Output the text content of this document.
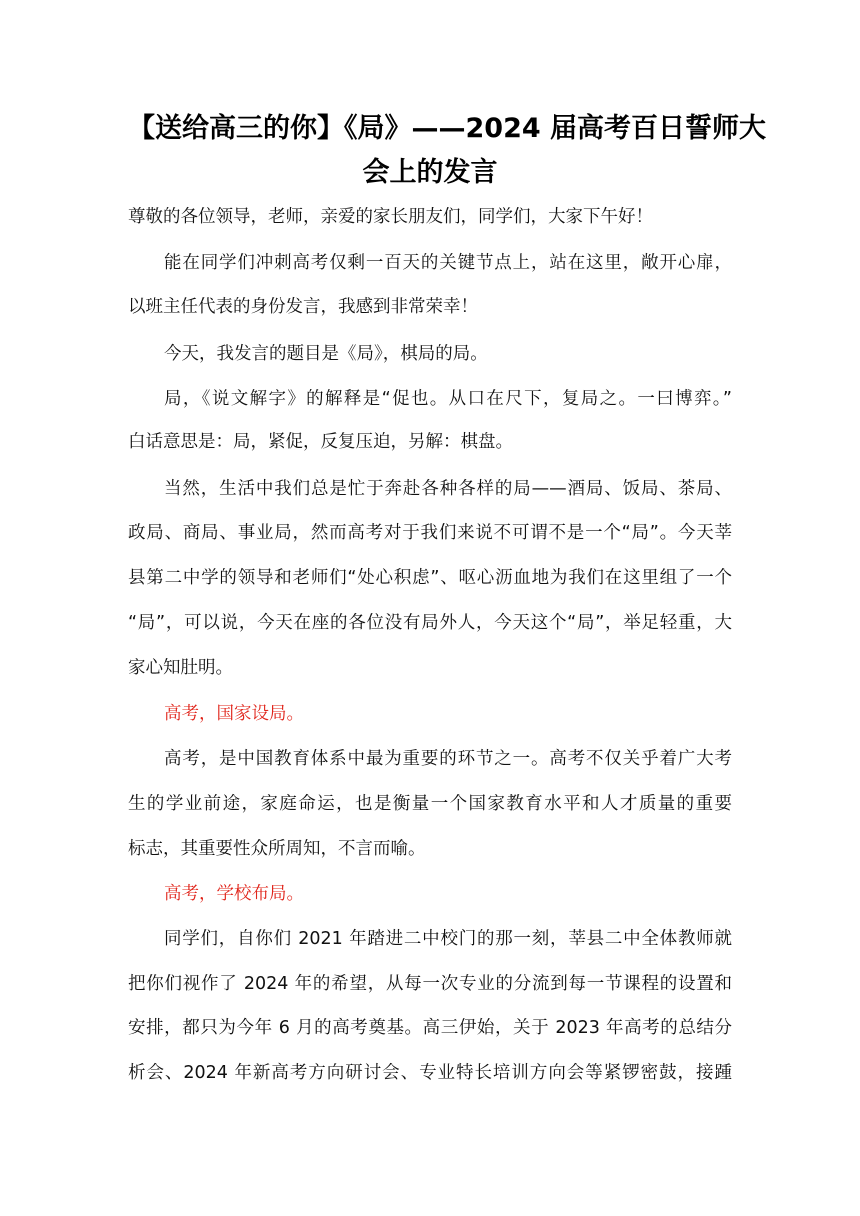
【送给高三的你】《局》——2024 届高考百日誓师大
会上的发言
尊敬的各位领导，老师，亲爱的家长朋友们，同学们，大家下午好！
能在同学们冲刺高考仅剩一百天的关键节点上，站在这里，敞开心扉，
以班主任代表的身份发言，我感到非常荣幸！
今天，我发言的题目是《局》，棋局的局。
局，《说文解字》的解释是“促也。从口在尺下，复局之。一曰博弈。”
白话意思是：局，紧促，反复压迫，另解：棋盘。
当然，生活中我们总是忙于奔赴各种各样的局——酒局、饭局、茶局、
政局、商局、事业局，然而高考对于我们来说不可谓不是一个“局”。今天莘
县第二中学的领导和老师们“处心积虑”、呕心沥血地为我们在这里组了一个
“局”，可以说，今天在座的各位没有局外人，今天这个“局”，举足轻重，大
家心知肚明。
高考，国家设局。
高考，是中国教育体系中最为重要的环节之一。高考不仅关乎着广大考
生的学业前途，家庭命运，也是衡量一个国家教育水平和人才质量的重要
标志，其重要性众所周知，不言而喻。
高考，学校布局。
同学们，自你们 2021 年踏进二中校门的那一刻，莘县二中全体教师就
把你们视作了 2024 年的希望，从每一次专业的分流到每一节课程的设置和
安排，都只为今年 6 月的高考奠基。高三伊始，关于 2023 年高考的总结分
析会、2024 年新高考方向研讨会、专业特长培训方向会等紧锣密鼓，接踵
